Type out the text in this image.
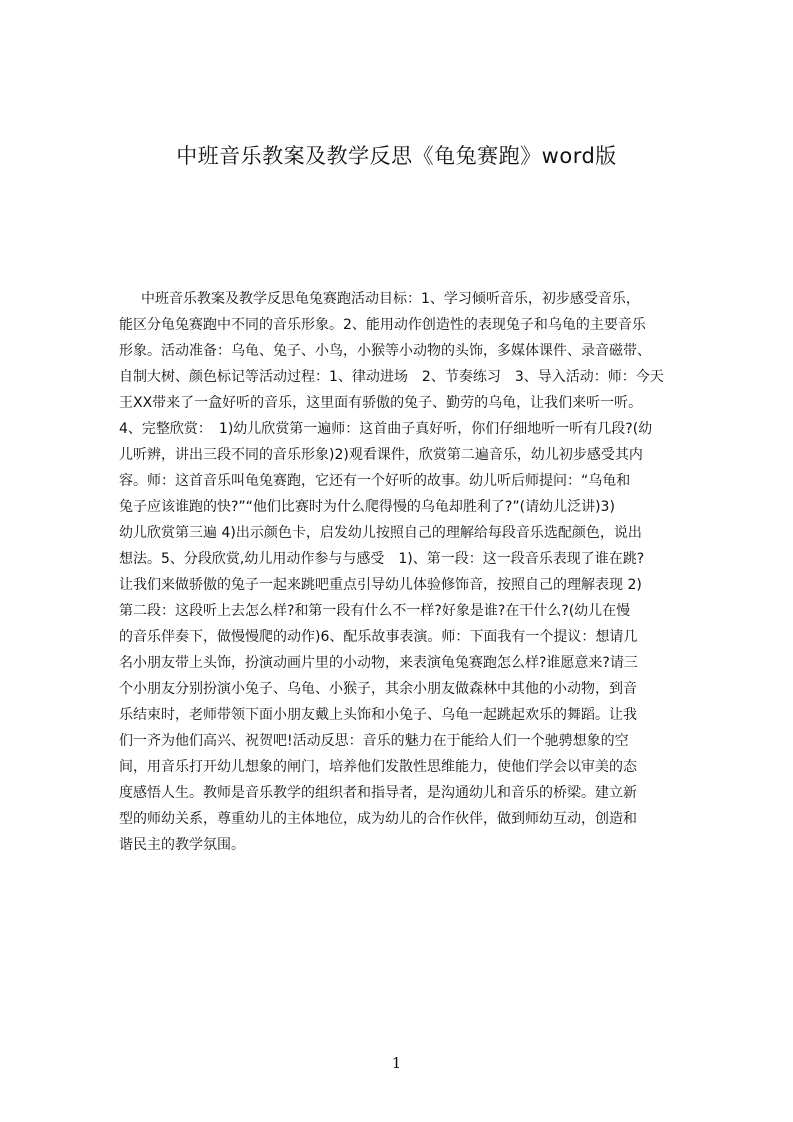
中班音乐教案及教学反思《龟兔赛跑》word版
中班音乐教案及教学反思龟兔赛跑活动目标：1、学习倾听音乐，初步感受音乐，
能区分龟兔赛跑中不同的音乐形象。2、能用动作创造性的表现兔子和乌龟的主要音乐
形象。活动准备：乌龟、兔子、小鸟，小猴等小动物的头饰，多媒体课件、录音磁带、
自制大树、颜色标记等活动过程：1、律动进场　2、节奏练习　3、导入活动：师：今天
王XX带来了一盒好听的音乐，这里面有骄傲的兔子、勤劳的乌龟，让我们来听一听。
4、完整欣赏：　1)幼儿欣赏第一遍师：这首曲子真好听，你们仔细地听一听有几段?(幼
儿听辨，讲出三段不同的音乐形象)2)观看课件，欣赏第二遍音乐，幼儿初步感受其内
容。师：这首音乐叫龟兔赛跑，它还有一个好听的故事。幼儿听后师提问：“乌龟和
兔子应该谁跑的快?”“他们比赛时为什么爬得慢的乌龟却胜利了?”(请幼儿泛讲)3)
幼儿欣赏第三遍 4)出示颜色卡，启发幼儿按照自己的理解给每段音乐选配颜色，说出
想法。5、分段欣赏,幼儿用动作参与与感受　1)、第一段：这一段音乐表现了谁在跳?
让我们来做骄傲的兔子一起来跳吧重点引导幼儿体验修饰音，按照自己的理解表现 2)
第二段：这段听上去怎么样?和第一段有什么不一样?好象是谁?在干什么?(幼儿在慢
的音乐伴奏下，做慢慢爬的动作)6、配乐故事表演。师：下面我有一个提议：想请几
名小朋友带上头饰，扮演动画片里的小动物，来表演龟兔赛跑怎么样?谁愿意来?请三
个小朋友分别扮演小兔子、乌龟、小猴子，其余小朋友做森林中其他的小动物，到音
乐结束时，老师带领下面小朋友戴上头饰和小兔子、乌龟一起跳起欢乐的舞蹈。让我
们一齐为他们高兴、祝贺吧!活动反思：音乐的魅力在于能给人们一个驰骋想象的空
间，用音乐打开幼儿想象的闸门，培养他们发散性思维能力，使他们学会以审美的态
度感悟人生。教师是音乐教学的组织者和指导者，是沟通幼儿和音乐的桥梁。建立新
型的师幼关系，尊重幼儿的主体地位，成为幼儿的合作伙伴，做到师幼互动，创造和
谐民主的教学氛围。
1
